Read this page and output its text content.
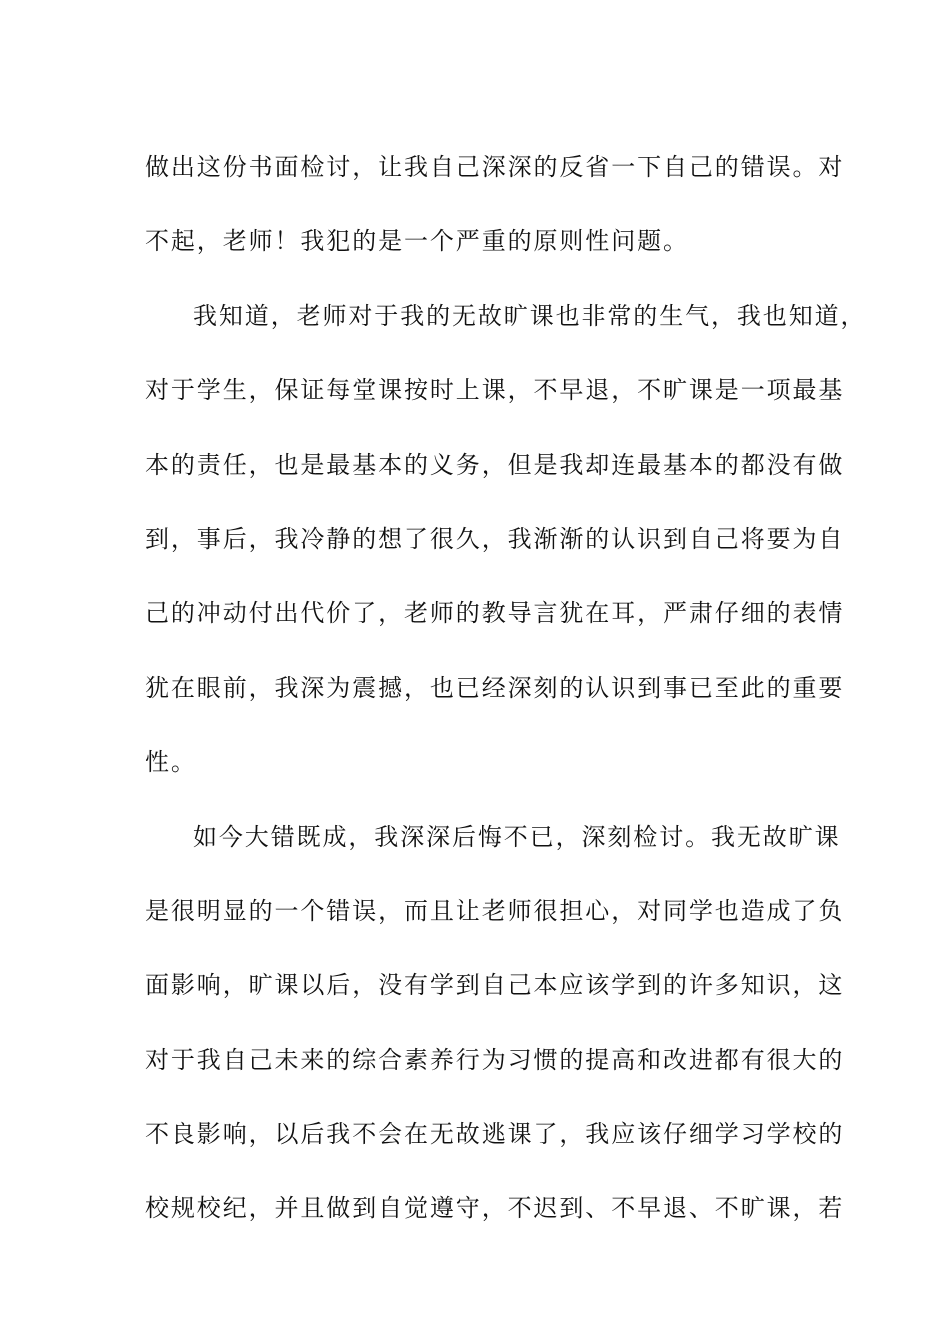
做出这份书面检讨，让我自己深深的反省一下自己的错误。对
不起，老师！我犯的是一个严重的原则性问题。
我知道，老师对于我的无故旷课也非常的生气，我也知道，
对于学生，保证每堂课按时上课，不早退，不旷课是一项最基
本的责任，也是最基本的义务，但是我却连最基本的都没有做
到，事后，我冷静的想了很久，我渐渐的认识到自己将要为自
己的冲动付出代价了，老师的教导言犹在耳，严肃仔细的表情
犹在眼前，我深为震撼，也已经深刻的认识到事已至此的重要
性。
如今大错既成，我深深后悔不已，深刻检讨。我无故旷课
是很明显的一个错误，而且让老师很担心，对同学也造成了负
面影响，旷课以后，没有学到自己本应该学到的许多知识，这
对于我自己未来的综合素养行为习惯的提高和改进都有很大的
不良影响，以后我不会在无故逃课了，我应该仔细学习学校的
校规校纪，并且做到自觉遵守，不迟到、不早退、不旷课，若
